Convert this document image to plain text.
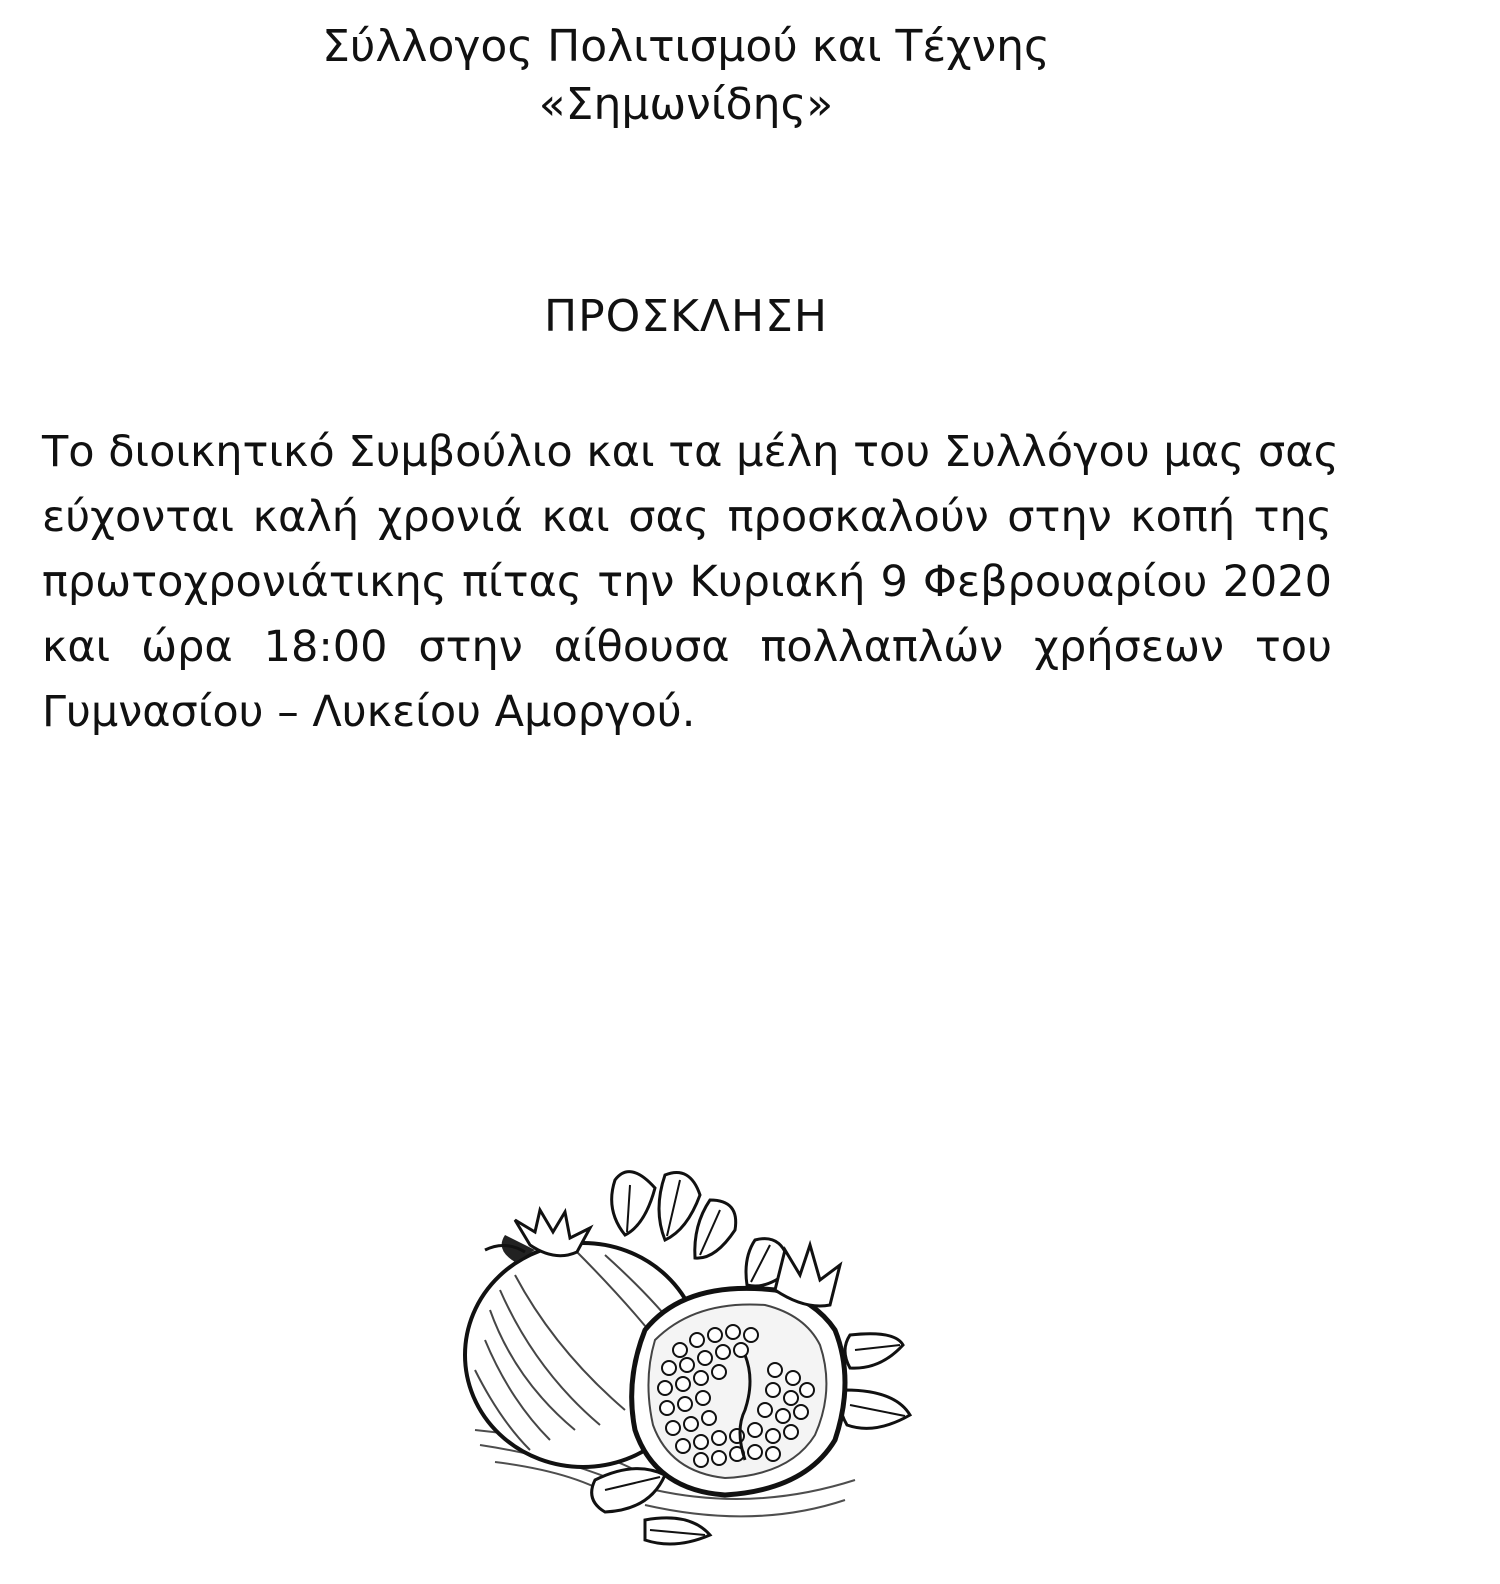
Σύλλογος Πολιτισμού και Τέχνης
«Σημωνίδης»
ΠΡΟΣΚΛΗΣΗ
Το διοικητικό Συμβούλιο και τα μέλη του Συλλόγου μας σας
εύχονται καλή χρονιά και σας προσκαλούν στην κοπή της
πρωτοχρονιάτικης πίτας την Κυριακή 9 Φεβρουαρίου 2020
και ώρα 18:00 στην αίθουσα πολλαπλών χρήσεων του
Γυμνασίου – Λυκείου Αμοργού.
